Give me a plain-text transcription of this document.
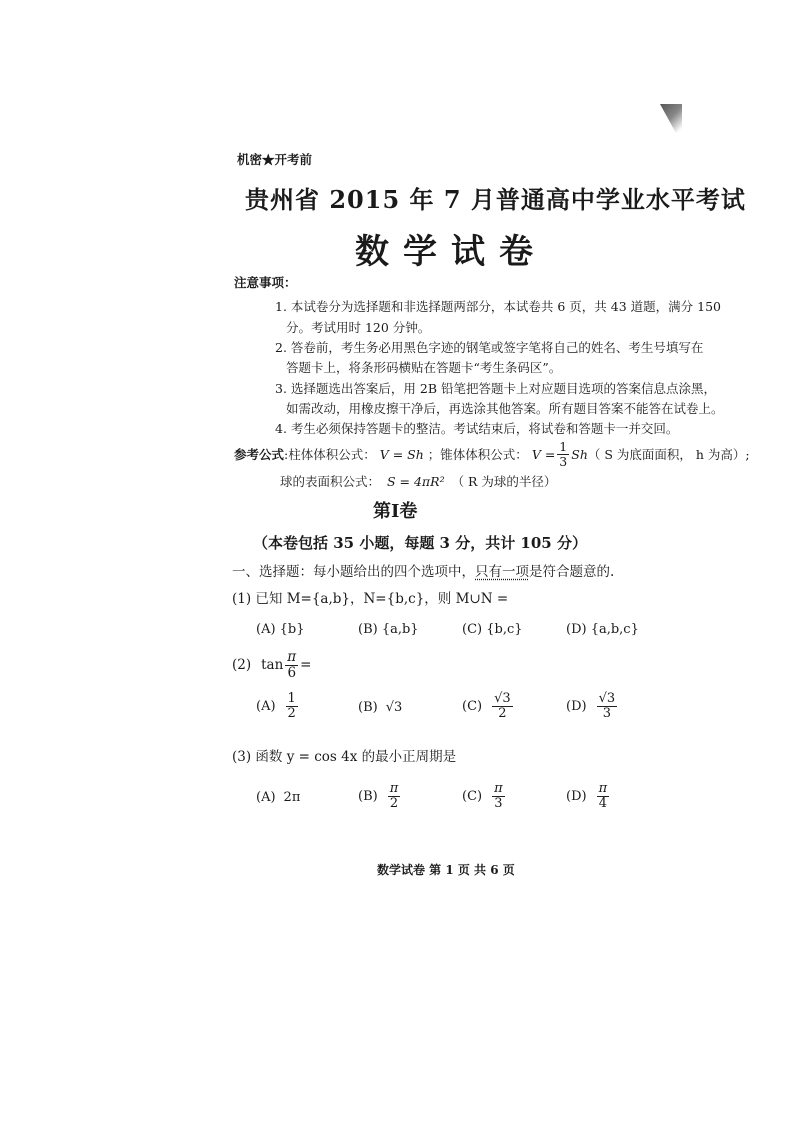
机密★开考前
贵州省 2015 年 7 月普通高中学业水平考试
数学试卷
注意事项：
1. 本试卷分为选择题和非选择题两部分，本试卷共 6 页，共 43 道题，满分 150
分。考试用时 120 分钟。
2. 答卷前，考生务必用黑色字迹的钢笔或签字笔将自己的姓名、考生号填写在
答题卡上，将条形码横贴在答题卡“考生条码区”。
3. 选择题选出答案后，用 2B 铅笔把答题卡上对应题目选项的答案信息点涂黑，
如需改动，用橡皮擦干净后，再选涂其他答案。所有题目答案不能答在试卷上。
4. 考生必须保持答题卡的整洁。考试结束后，将试卷和答题卡一并交回。
参考公式 :柱体体积公式： V = Sh ；锥体体积公式： $V = \frac{1}{3}$ Sh （ S 为底面面积， h 为高）;
球的表面积公式： S = 4πR² （ R 为球的半径）
第Ⅰ卷
（本卷包括 35 小题，每题 3 分，共计 105 分）
一、选择题：每小题给出的四个选项中，只有一项是符合题意的.
(1) 已知 M={a,b}，N={b,c}，则 M∪N =
(A) {b}	(B) {a,b}	(C) {b,c}	(D) {a,b,c}
(2) $\tan \frac{\pi}{6}$ =
$(A) \frac{1}{2}$	(B) √3	$(C) \frac{√3}{2}$	$(D) \frac{√3}{3}$
(3) 函数 y = cos 4x 的最小正周期是
(A) 2π	$(B) \frac{\pi}{2}$	$(C) \frac{\pi}{3}$	$(D) \frac{\pi}{4}$
数学试卷 第 1 页 共 6 页
